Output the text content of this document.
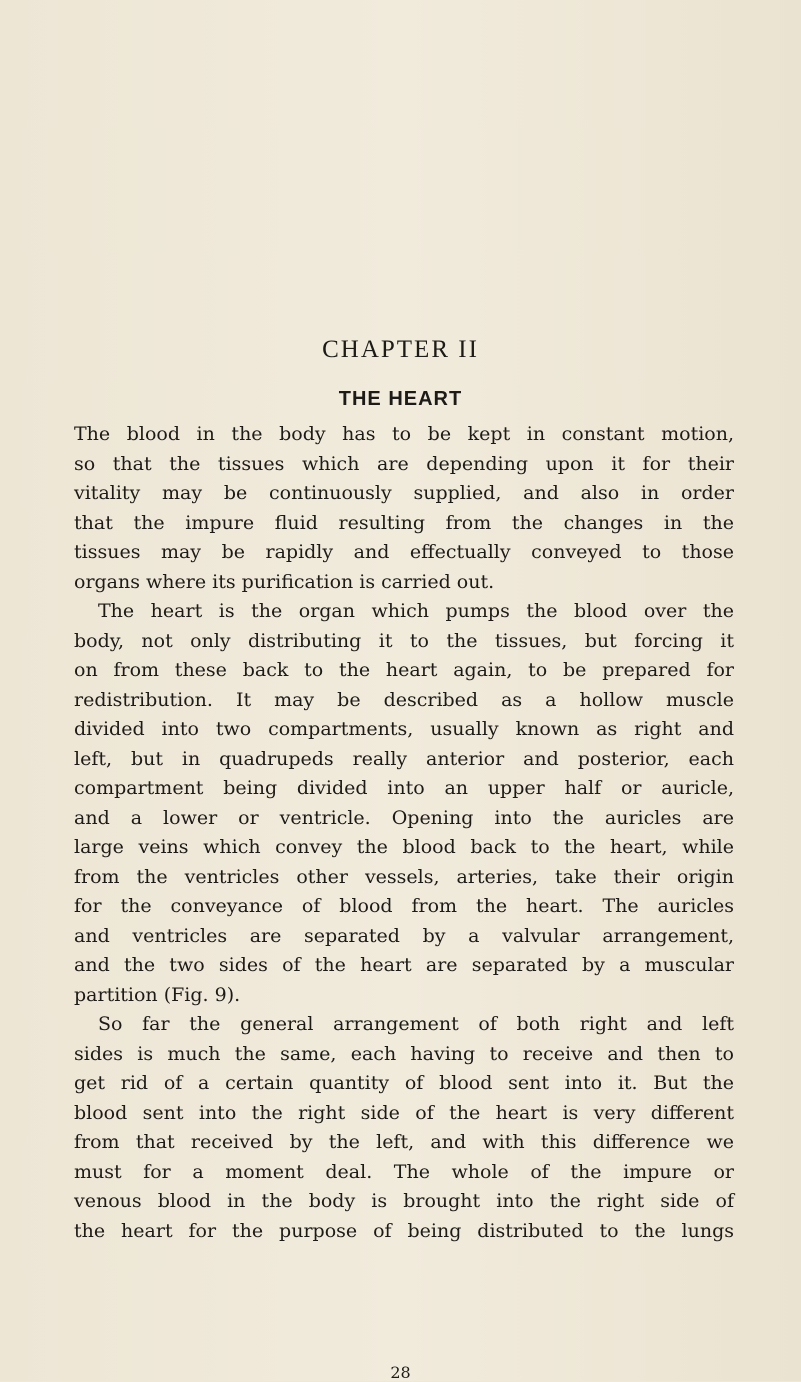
CHAPTER II
THE HEART
The blood in the body has to be kept in constant motion,
so that the tissues which are depending upon it for their
vitality may be continuously supplied, and also in order
that the impure fluid resulting from the changes in the
tissues may be rapidly and effectually conveyed to those
organs where its purification is carried out.
The heart is the organ which pumps the blood over the
body, not only distributing it to the tissues, but forcing it
on from these back to the heart again, to be prepared for
redistribution. It may be described as a hollow muscle
divided into two compartments, usually known as right and
left, but in quadrupeds really anterior and posterior, each
compartment being divided into an upper half or auricle,
and a lower or ventricle. Opening into the auricles are
large veins which convey the blood back to the heart, while
from the ventricles other vessels, arteries, take their origin
for the conveyance of blood from the heart. The auricles
and ventricles are separated by a valvular arrangement,
and the two sides of the heart are separated by a muscular
partition (Fig. 9).
So far the general arrangement of both right and left
sides is much the same, each having to receive and then to
get rid of a certain quantity of blood sent into it. But the
blood sent into the right side of the heart is very different
from that received by the left, and with this difference we
must for a moment deal. The whole of the impure or
venous blood in the body is brought into the right side of
the heart for the purpose of being distributed to the lungs
28
